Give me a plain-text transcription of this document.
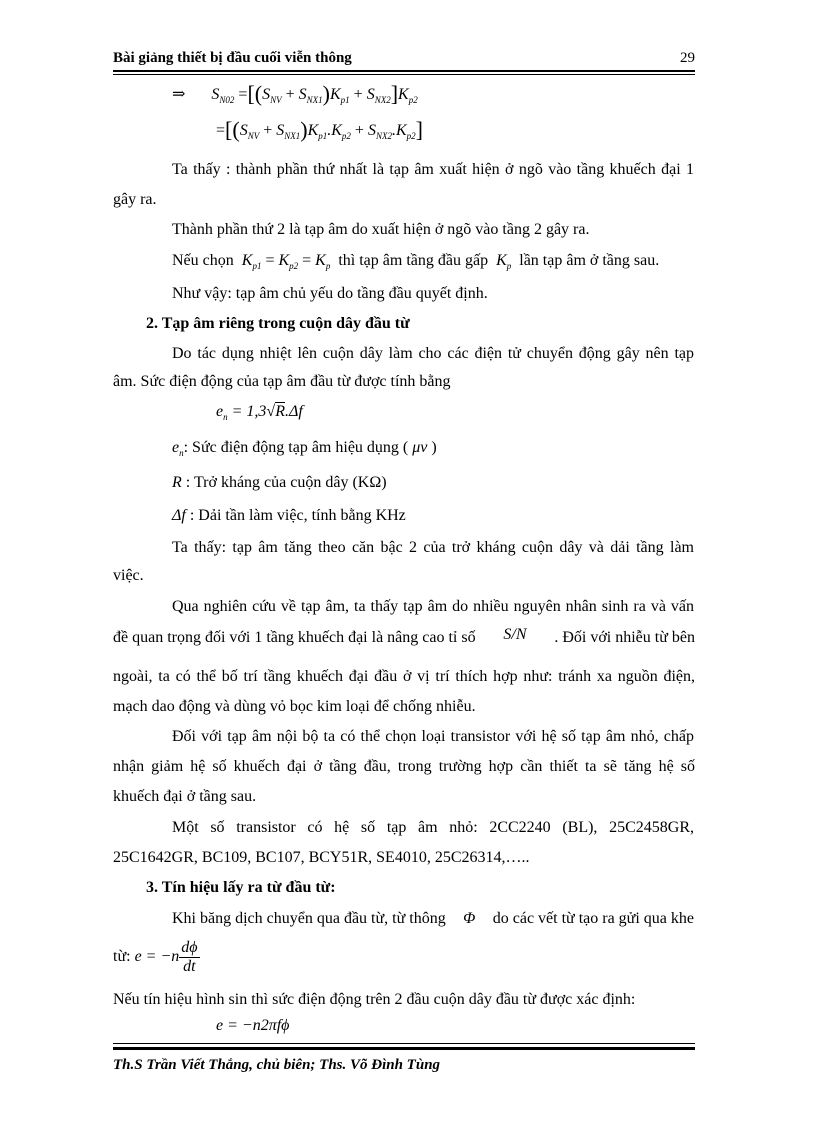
Bài giảng thiết bị đầu cuối viễn thông	29
⇒ $S_{N02} =[(S_{NV} + S_{NX1})K_{p1} + S_{NX2}]K_{p2}$
$=[(S_{NV} + S_{NX1})K_{p1}.K_{p2} + S_{NX2}.K_{p2}]$
Ta thấy : thành phần thứ nhất là tạp âm xuất hiện ở ngõ vào tầng khuếch đại 1
gây ra.
Thành phần thứ 2 là tạp âm do xuất hiện ở ngõ vào tầng 2 gây ra.
Nếu chọn  $K_{p1} = K_{p2} = K_p$ thì tạp âm tầng đầu gấp  $K_p$ lần tạp âm ở tầng sau.
Như vậy: tạp âm chủ yếu do tầng đầu quyết định.
2. Tạp âm riêng trong cuộn dây đầu từ
Do tác dụng nhiệt lên cuộn dây làm cho các điện tử chuyển động gây nên tạp
âm. Sức điện động của tạp âm đầu từ được tính bằng
$e_n = 1,3√R.\Delta f$
$e_n$: Sức điện động tạp âm hiệu dụng ( μv )
R : Trở kháng của cuộn dây (KΩ)
Δf : Dải tần làm việc, tính bằng KHz
Ta thấy: tạp âm tăng theo căn bậc 2 của trở kháng cuộn dây và dải tầng làm
việc.
Qua nghiên cứu về tạp âm, ta thấy tạp âm do nhiều nguyên nhân sinh ra và vấn
đề quan trọng đối với 1 tầng khuếch đại là nâng cao tỉ số S/N . Đối với nhiễu từ bên
ngoài, ta có thể bố trí tầng khuếch đại đầu ở vị trí thích hợp như: tránh xa nguồn điện,
mạch dao động và dùng vỏ bọc kim loại để chống nhiễu.
Đối với tạp âm nội bộ ta có thể chọn loại transistor với hệ số tạp âm nhỏ, chấp
nhận giảm hệ số khuếch đại ở tầng đầu, trong trường hợp cần thiết ta sẽ tăng hệ số
khuếch đại ở tầng sau.
Một số transistor có hệ số tạp âm nhỏ: 2CC2240 (BL), 25C2458GR,
25C1642GR, BC109, BC107, BCY51R, SE4010, 25C26314,…..
3. Tín hiệu lấy ra từ đầu từ:
Khi băng dịch chuyển qua đầu từ, từ thông Φ do các vết từ tạo ra gửi qua khe
từ:
$e = -n \frac{d\phi}{dt}$
Nếu tín hiệu hình sin thì sức điện động trên 2 đầu cuộn dây đầu từ được xác định:
e = −n2πfϕ
Th.S Trần Viết Thắng, chủ biên; Ths. Võ Đình Tùng
